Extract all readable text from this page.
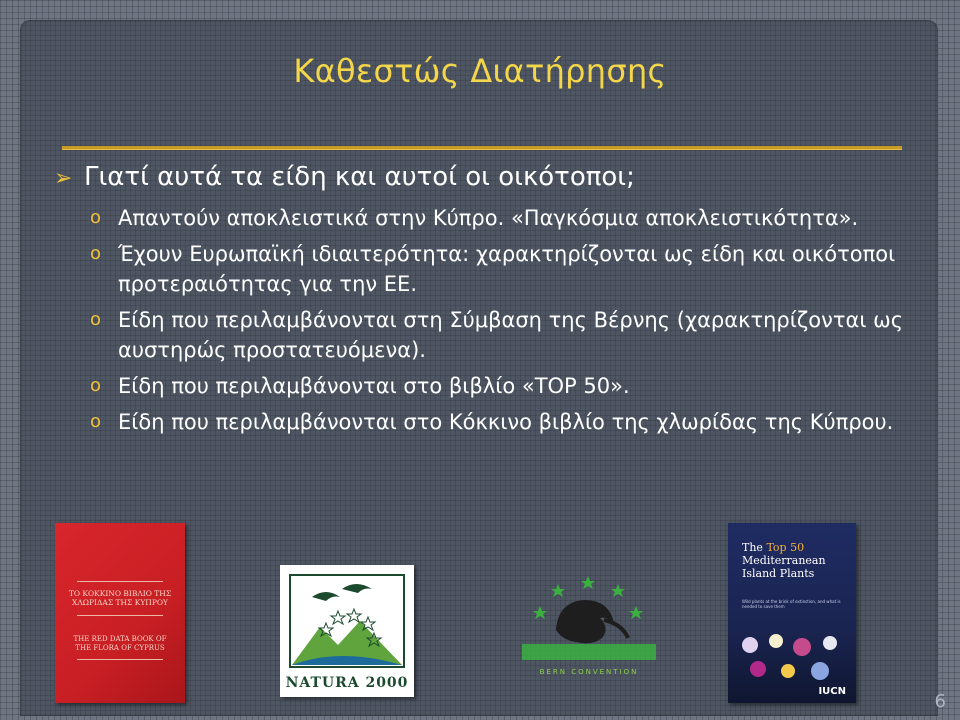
Καθεστώς Διατήρησης
➢ Γιατί αυτά τα είδη και αυτοί οι οικότοποι;

o Απαντούν αποκλειστικά στην Κύπρο. «Παγκόσμια αποκλειστικότητα».

o Έχουν Ευρωπαϊκή ιδιαιτερότητα: χαρακτηρίζονται ως είδη και οικότοποι προτεραιότητας για την ΕΕ.

o Είδη που περιλαμβάνονται στη Σύμβαση της Βέρνης (χαρακτηρίζονται ως αυστηρώς προστατευόμενα).

o Είδη που περιλαμβάνονται στο βιβλίο «TOP 50».

o Είδη που περιλαμβάνονται στο Κόκκινο βιβλίο της χλωρίδας της Κύπρου.

ΤΟ ΚΟΚΚΙΝΟ ΒΙΒΛΙΟ ΤΗΣ ΧΛΩΡΙΔΑΣ ΤΗΣ ΚΥΠΡΟΥ
THE RED DATA BOOK OF THE FLORA OF CYPRUS
NATURA 2000
BERN CONVENTION
The Top 50
Mediterranean Island Plants
Wild plants at the brink of extinction, and what is needed to save them
IUCN	6
